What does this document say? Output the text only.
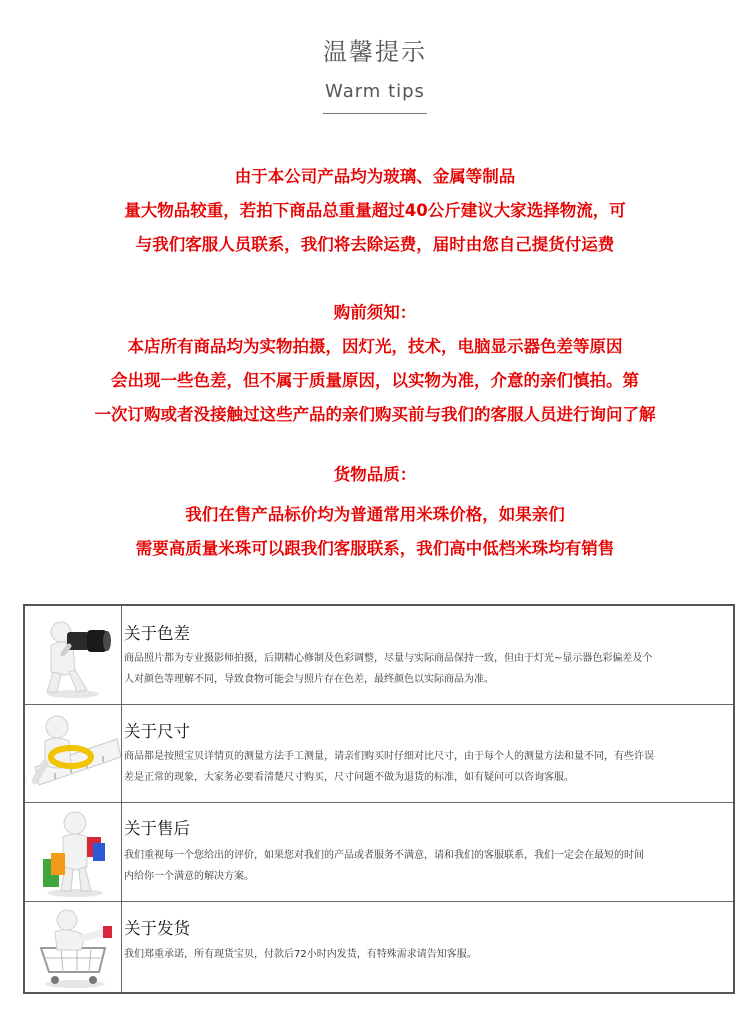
温馨提示
Warm tips
由于本公司产品均为玻璃、金属等制品
量大物品较重，若拍下商品总重量超过40公斤建议大家选择物流，可
与我们客服人员联系，我们将去除运费，届时由您自己提货付运费
购前须知：
本店所有商品均为实物拍摄，因灯光，技术，电脑显示器色差等原因
会出现一些色差，但不属于质量原因，以实物为准，介意的亲们慎拍。第
一次订购或者没接触过这些产品的亲们购买前与我们的客服人员进行询问了解
货物品质：
我们在售产品标价均为普通常用米珠价格，如果亲们
需要高质量米珠可以跟我们客服联系，我们高中低档米珠均有销售
关于色差

商品照片都为专业摄影师拍摄，后期精心修制及色彩调整，尽量与实际商品保持一致，但由于灯光~显示器色彩偏差及个

人对颜色等理解不同，导致食物可能会与照片存在色差，最终颜色以实际商品为准。

关于尺寸

商品都是按照宝贝详情页的测量方法手工测量，请亲们购买时仔细对比尺寸，由于每个人的测量方法和量不同，有些许误

差是正常的现象，大家务必要看清楚尺寸购买，尺寸问题不做为退货的标准，如有疑问可以咨询客服。

关于售后

我们重视每一个您给出的评价，如果您对我们的产品或者服务不满意，请和我们的客服联系，我们一定会在最短的时间

内给你一个满意的解决方案。

关于发货

我们郑重承诺，所有现货宝贝，付款后72小时内发货，有特殊需求请告知客服。
